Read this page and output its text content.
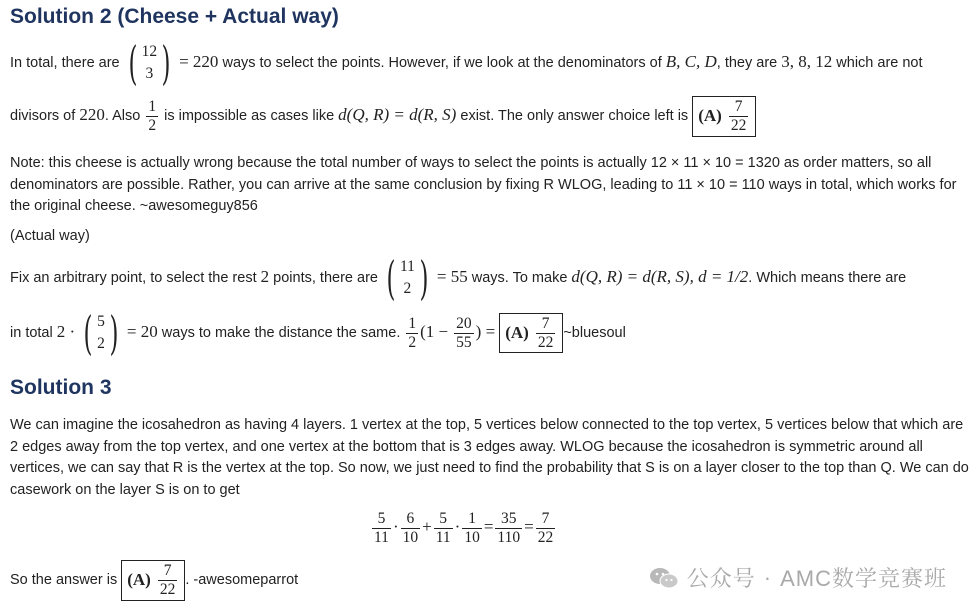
Solution 2 (Cheese + Actual way)
In total, there are ( 12
3 ) = 220 ways to select the points. However, if we look at the denominators of B, C, D, they are 3, 8, 12 which are not
divisors of 220. Also $\frac{1}{2}$ is impossible as cases like d(Q, R) = d(R, S) exist. The only answer choice left is $(A) \frac{7}{22}$
Note: this cheese is actually wrong because the total number of ways to select the points is actually 12 × 11 × 10 = 1320 as order matters, so all denominators are possible. Rather, you can arrive at the same conclusion by fixing R WLOG, leading to 11 × 10 = 110 ways in total, which works for the original cheese. ~awesomeguy856
(Actual way)
Fix an arbitrary point, to select the rest 2 points, there are ( 11
2 ) = 55 ways. To make d(Q, R) = d(R, S), d = 1/2. Which means there are
in total 2 · ( 5
2 ) = 20 ways to make the distance the same. $\frac{1}{2} (1 - \frac{20}{55}$ ) = $(A) \frac{7}{22}$ ~bluesoul
Solution 3
We can imagine the icosahedron as having 4 layers. 1 vertex at the top, 5 vertices below connected to the top vertex, 5 vertices below that which are 2 edges away from the top vertex, and one vertex at the bottom that is 3 edges away. WLOG because the icosahedron is symmetric around all vertices, we can say that R is the vertex at the top. So now, we just need to find the probability that S is on a layer closer to the top than Q. We can do casework on the layer S is on to get
$\frac{5}{11} \cdot \frac{6}{10} + \frac{5}{11} \cdot \frac{1}{10} = \frac{35}{110} = \frac{7}{22}$
So the answer is $(A) \frac{7}{22}$ . -awesomeparrot	公众号 · AMC数学竞赛班
